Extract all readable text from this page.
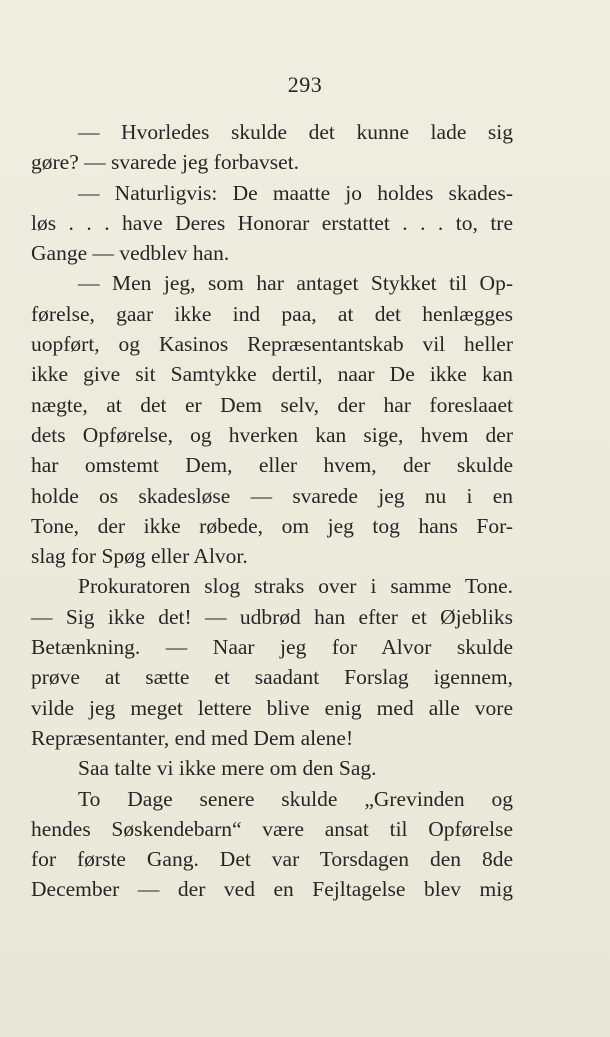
293
— Hvorledes skulde det kunne lade sig
gøre? — svarede jeg forbavset.
— Naturligvis: De maatte jo holdes skades-
løs . . . have Deres Honorar erstattet . . . to, tre
Gange — vedblev han.
— Men jeg, som har antaget Stykket til Op-
førelse, gaar ikke ind paa, at det henlægges
uopført, og Kasinos Repræsentantskab vil heller
ikke give sit Samtykke dertil, naar De ikke kan
nægte, at det er Dem selv, der har foreslaaet
dets Opførelse, og hverken kan sige, hvem der
har omstemt Dem, eller hvem, der skulde
holde os skadesløse — svarede jeg nu i en
Tone, der ikke røbede, om jeg tog hans For-
slag for Spøg eller Alvor.
Prokuratoren slog straks over i samme Tone.
— Sig ikke det! — udbrød han efter et Øjebliks
Betænkning. — Naar jeg for Alvor skulde
prøve at sætte et saadant Forslag igennem,
vilde jeg meget lettere blive enig med alle vore
Repræsentanter, end med Dem alene!
Saa talte vi ikke mere om den Sag.
To Dage senere skulde „Grevinden og
hendes Søskendebarn“ være ansat til Opførelse
for første Gang. Det var Torsdagen den 8de
December — der ved en Fejltagelse blev mig
